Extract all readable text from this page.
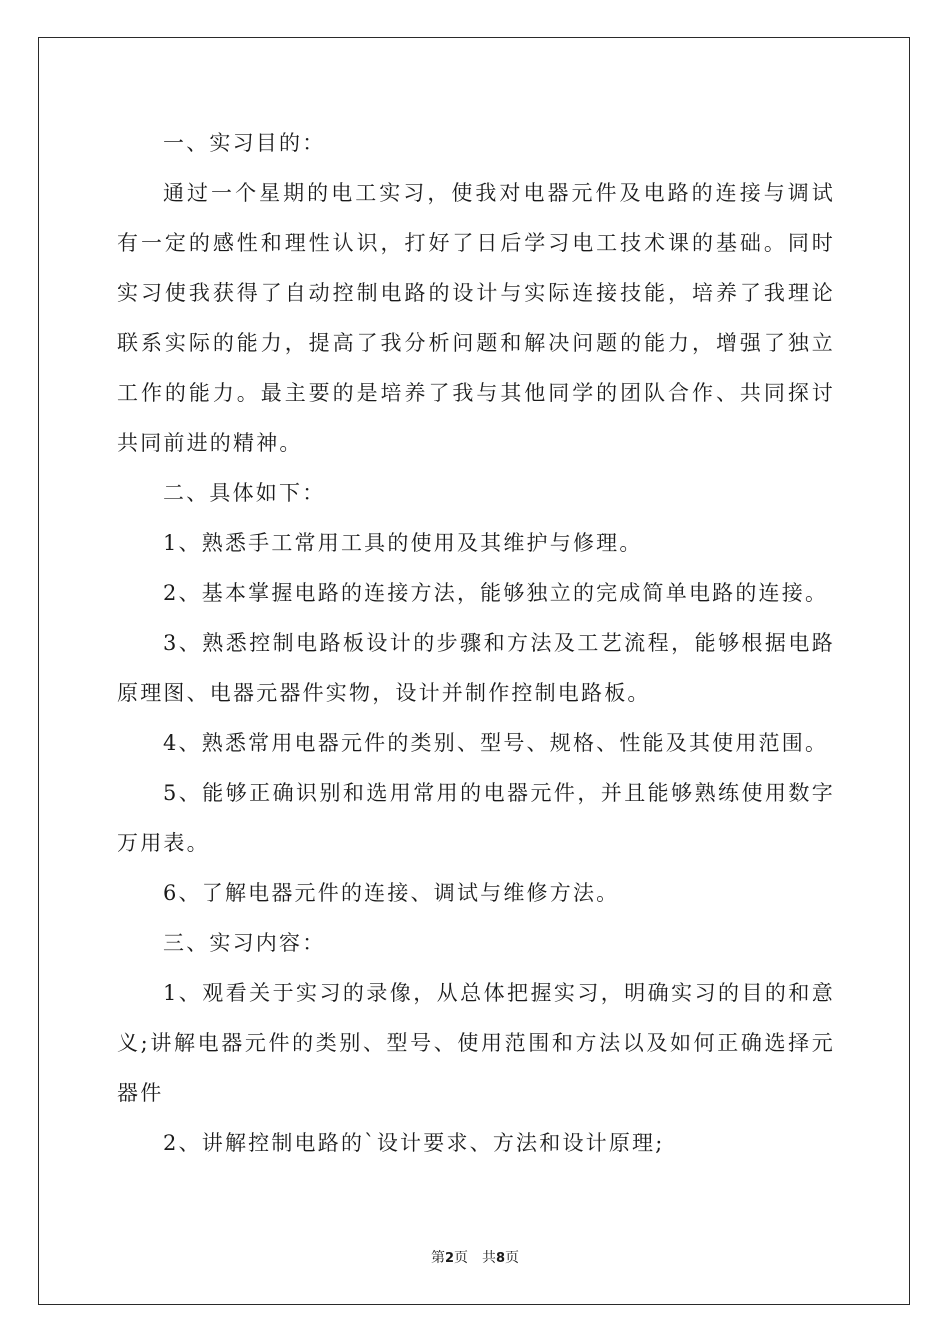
一、实习目的：

通过一个星期的电工实习，使我对电器元件及电路的连接与调试有一定的感性和理性认识，打好了日后学习电工技术课的基础。同时实习使我获得了自动控制电路的设计与实际连接技能，培养了我理论联系实际的能力，提高了我分析问题和解决问题的能力，增强了独立工作的能力。最主要的是培养了我与其他同学的团队合作、共同探讨共同前进的精神。

二、具体如下：

1、熟悉手工常用工具的使用及其维护与修理。

2、基本掌握电路的连接方法，能够独立的完成简单电路的连接。

3、熟悉控制电路板设计的步骤和方法及工艺流程，能够根据电路原理图、电器元器件实物，设计并制作控制电路板。

4、熟悉常用电器元件的类别、型号、规格、性能及其使用范围。

5、能够正确识别和选用常用的电器元件，并且能够熟练使用数字万用表。

6、了解电器元件的连接、调试与维修方法。

三、实习内容：

1、观看关于实习的录像，从总体把握实习，明确实习的目的和意义;讲解电器元件的类别、型号、使用范围和方法以及如何正确选择元器件

2、讲解控制电路的`设计要求、方法和设计原理;

第2页 共8页
